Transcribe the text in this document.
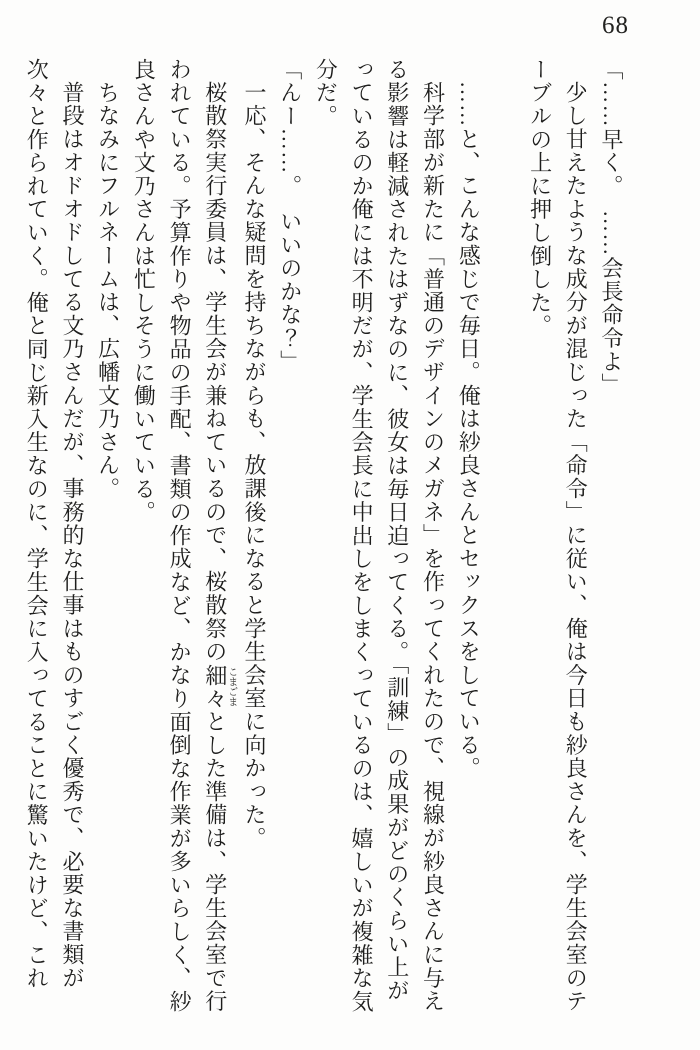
68

「……早く。　……会長命令よ」

少し甘えたような成分が混じった「命令」に従い、俺は今日も紗良さんを、学生会室のテーブルの上に押し倒した。

……と、こんな感じで毎日。俺は紗良さんとセックスをしている。

科学部が新たに「普通のデザインのメガネ」を作ってくれたので、視線が紗良さんに与える影響は軽減されたはずなのに、彼女は毎日迫ってくる。「訓練」の成果がどのくらい上がっているのか俺には不明だが、学生会長に中出しをしまくっているのは、嬉しいが複雑な気分だ。

「んー……。　いいのかな？」

一応、そんな疑問を持ちながらも、放課後になると学生会室に向かった。

桜散祭実行委員は、学生会が兼ねているので、桜散祭の細々こまごまとした準備は、学生会室で行われている。予算作りや物品の手配、書類の作成など、かなり面倒な作業が多いらしく、紗良さんや文乃さんは忙しそうに働いている。

ちなみにフルネームは、広幡文乃さん。

普段はオドオドしてる文乃さんだが、事務的な仕事はものすごく優秀で、必要な書類が次々と作られていく。俺と同じ新入生なのに、学生会に入ってることに驚いたけど、これ
